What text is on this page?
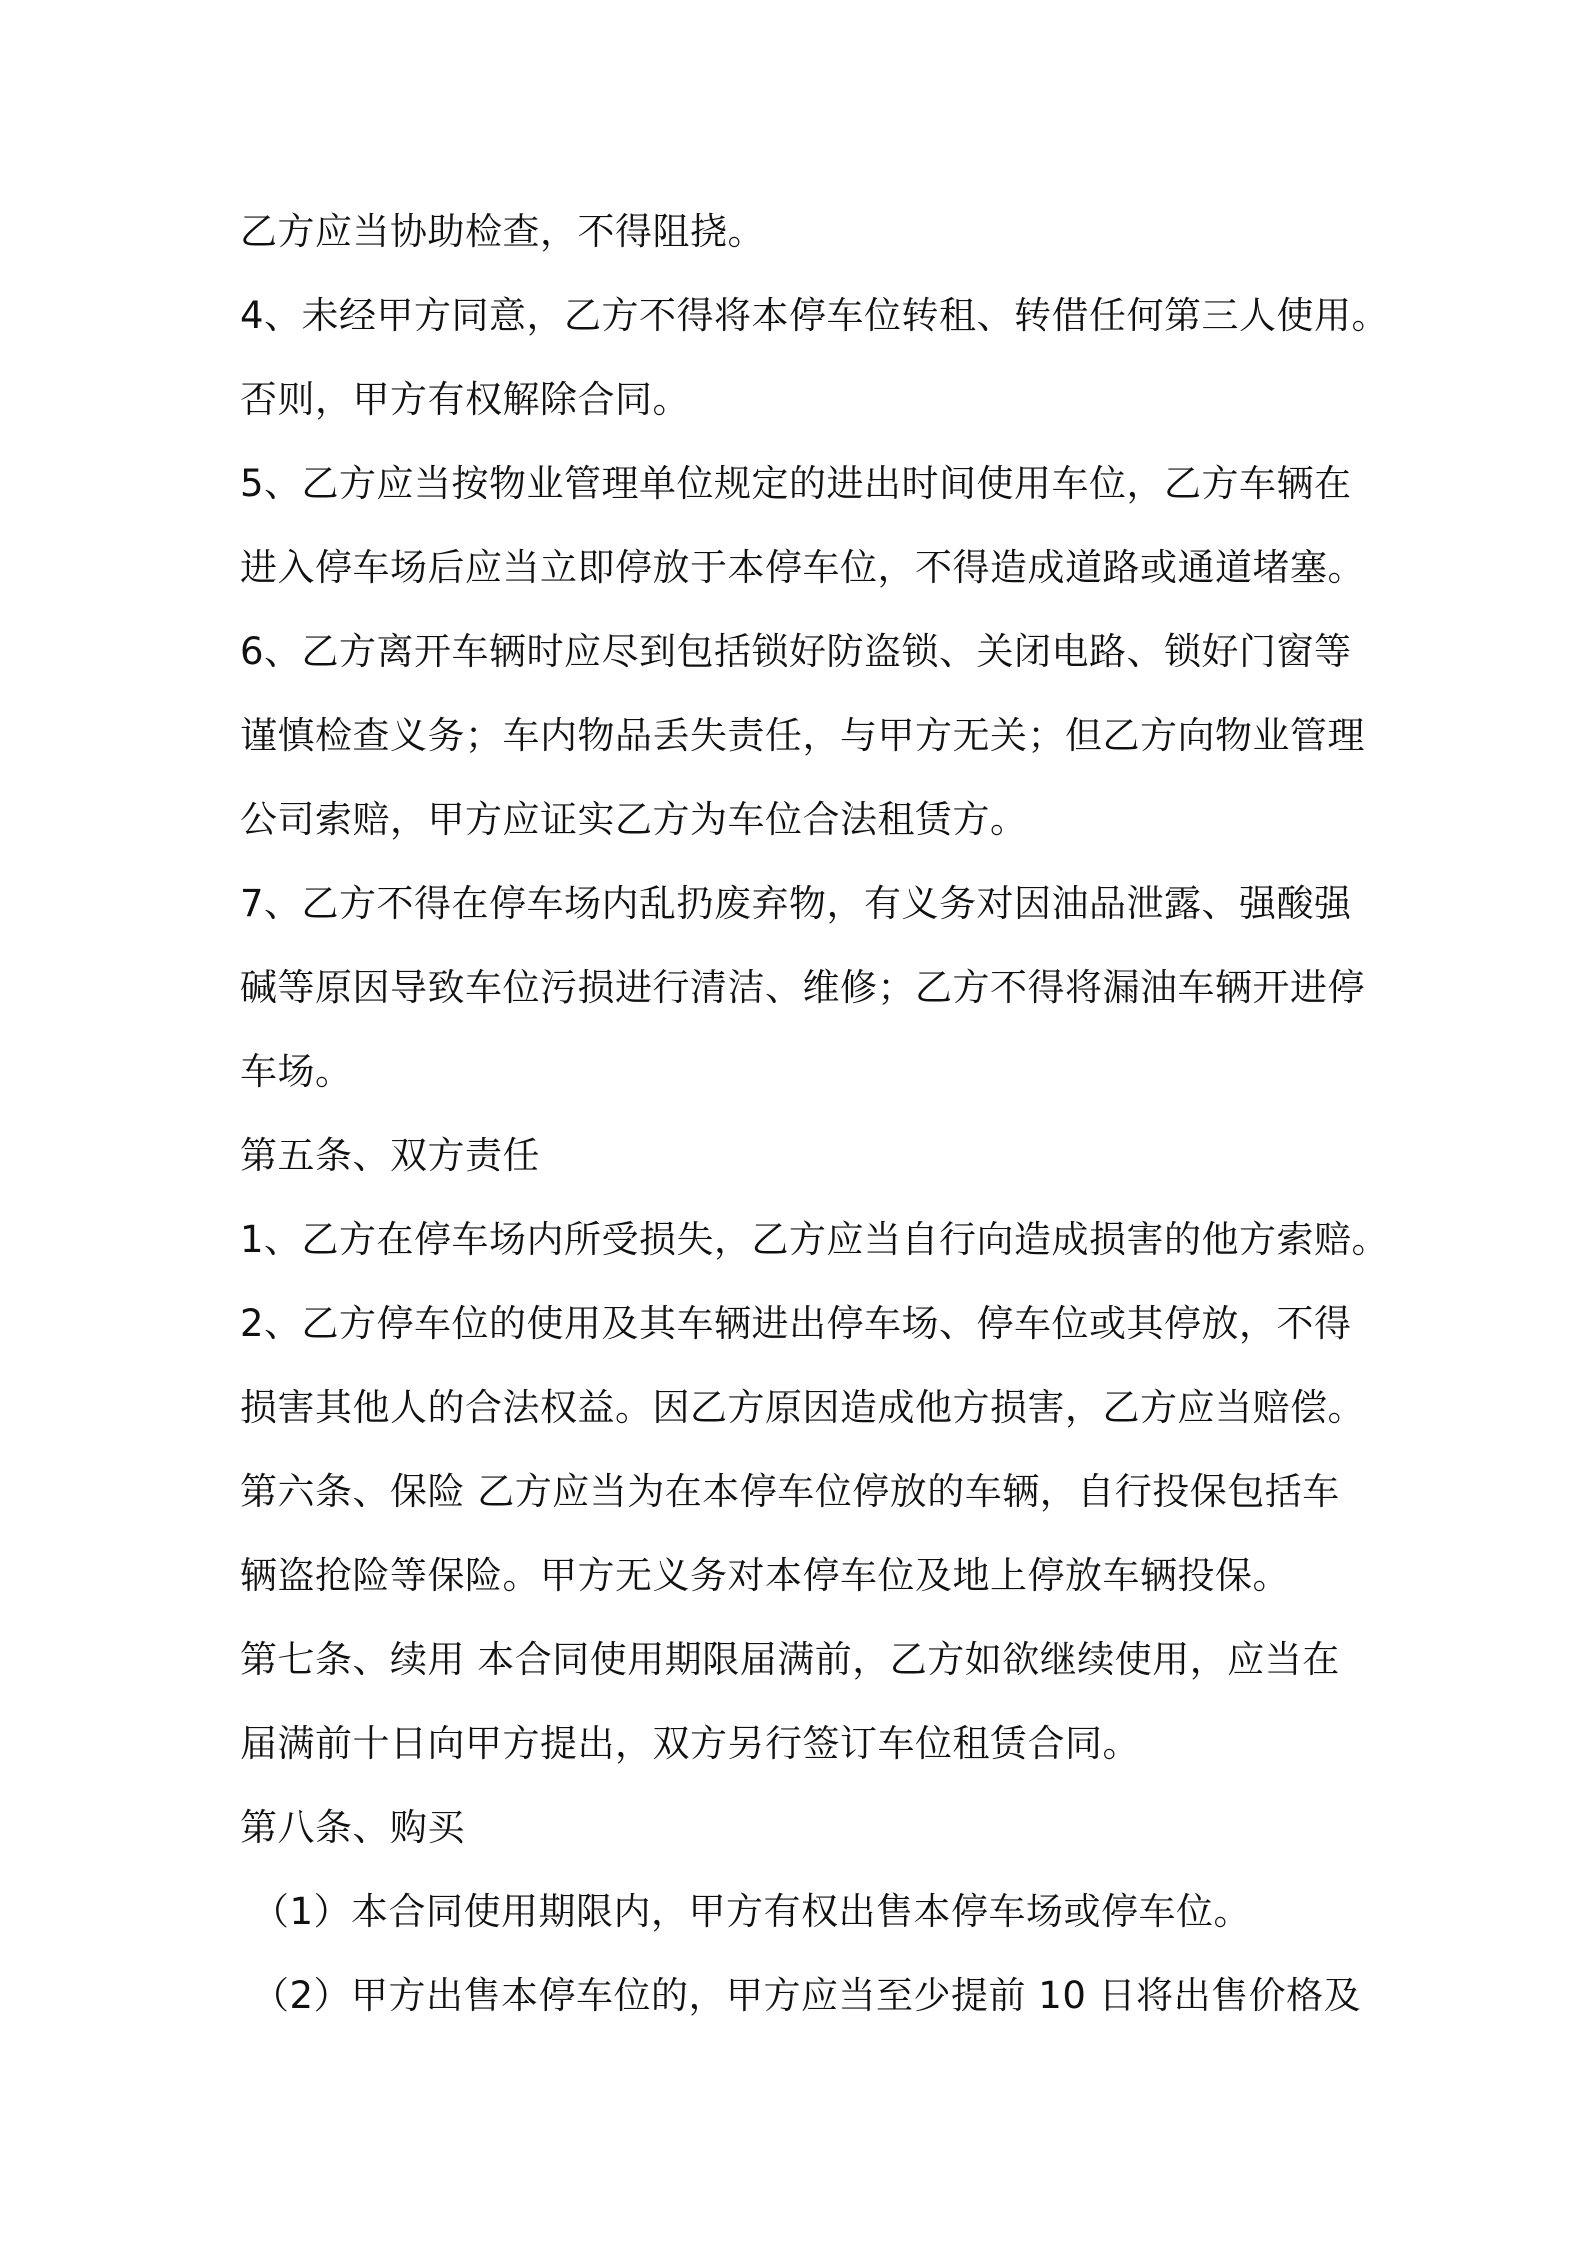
乙方应当协助检查，不得阻挠。
4、未经甲方同意，乙方不得将本停车位转租、转借任何第三人使用。
否则，甲方有权解除合同。
5、乙方应当按物业管理单位规定的进出时间使用车位，乙方车辆在
进入停车场后应当立即停放于本停车位，不得造成道路或通道堵塞。
6、乙方离开车辆时应尽到包括锁好防盗锁、关闭电路、锁好门窗等
谨慎检查义务；车内物品丢失责任，与甲方无关；但乙方向物业管理
公司索赔，甲方应证实乙方为车位合法租赁方。
7、乙方不得在停车场内乱扔废弃物，有义务对因油品泄露、强酸强
碱等原因导致车位污损进行清洁、维修；乙方不得将漏油车辆开进停
车场。
第五条、双方责任
1、乙方在停车场内所受损失，乙方应当自行向造成损害的他方索赔。
2、乙方停车位的使用及其车辆进出停车场、停车位或其停放，不得
损害其他人的合法权益。因乙方原因造成他方损害，乙方应当赔偿。
第六条、保险 乙方应当为在本停车位停放的车辆，自行投保包括车
辆盗抢险等保险。甲方无义务对本停车位及地上停放车辆投保。
第七条、续用 本合同使用期限届满前，乙方如欲继续使用，应当在
届满前十日向甲方提出，双方另行签订车位租赁合同。
第八条、购买
（1）本合同使用期限内，甲方有权出售本停车场或停车位。
（2）甲方出售本停车位的，甲方应当至少提前 10 日将出售价格及
